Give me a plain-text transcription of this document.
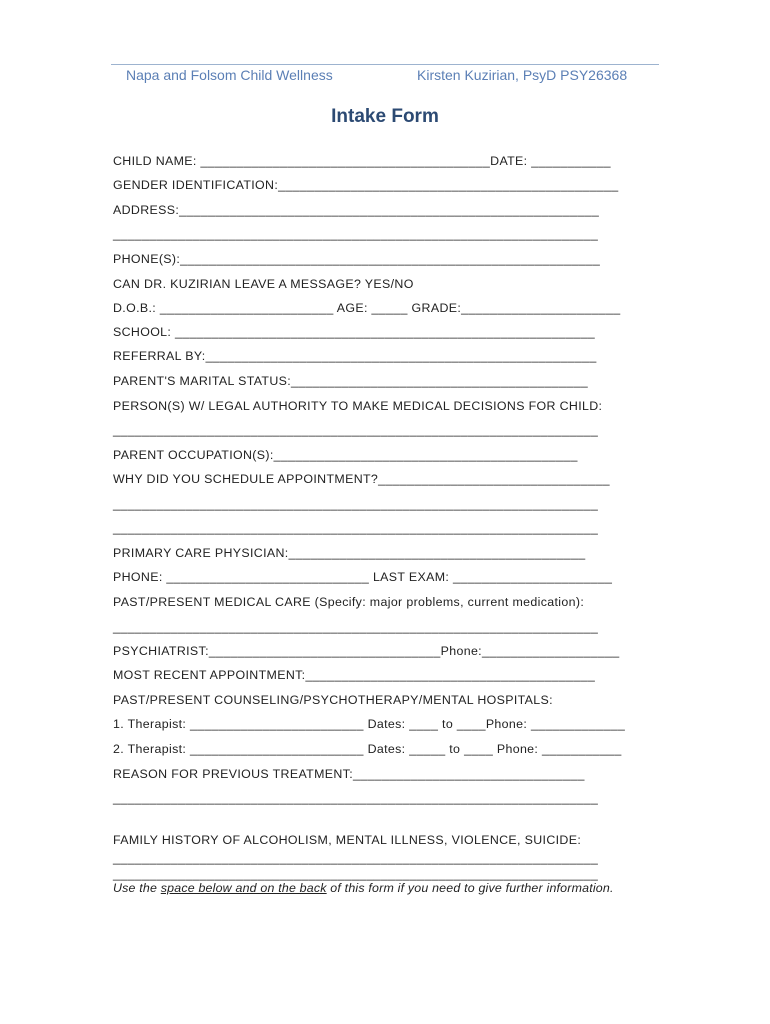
Napa and Folsom Child Wellness	Kirsten Kuzirian, PsyD PSY26368
Intake Form
CHILD NAME: ________________________________________DATE: ___________
GENDER IDENTIFICATION:_______________________________________________
ADDRESS:__________________________________________________________
___________________________________________________________________
PHONE(S):__________________________________________________________
CAN DR. KUZIRIAN LEAVE A MESSAGE? YES/NO
D.O.B.: ________________________ AGE: _____ GRADE:______________________
SCHOOL: __________________________________________________________
REFERRAL BY:______________________________________________________
PARENT'S MARITAL STATUS:_________________________________________
PERSON(S) W/ LEGAL AUTHORITY TO MAKE MEDICAL DECISIONS FOR CHILD:
___________________________________________________________________
PARENT OCCUPATION(S):__________________________________________
WHY DID YOU SCHEDULE APPOINTMENT?________________________________
___________________________________________________________________
___________________________________________________________________
PRIMARY CARE PHYSICIAN:_________________________________________
PHONE: ____________________________ LAST EXAM: ______________________
PAST/PRESENT MEDICAL CARE (Specify: major problems, current medication):
___________________________________________________________________
PSYCHIATRIST:________________________________Phone:___________________
MOST RECENT APPOINTMENT:________________________________________
PAST/PRESENT COUNSELING/PSYCHOTHERAPY/MENTAL HOSPITALS:
1. Therapist: ________________________ Dates: ____ to ____Phone: _____________
2. Therapist: ________________________ Dates: _____ to ____ Phone: ___________
REASON FOR PREVIOUS TREATMENT:________________________________
___________________________________________________________________
FAMILY HISTORY OF ALCOHOLISM, MENTAL ILLNESS, VIOLENCE, SUICIDE:
___________________________________________________________________
___________________________________________________________________
Use the space below and on the back of this form if you need to give further information.
